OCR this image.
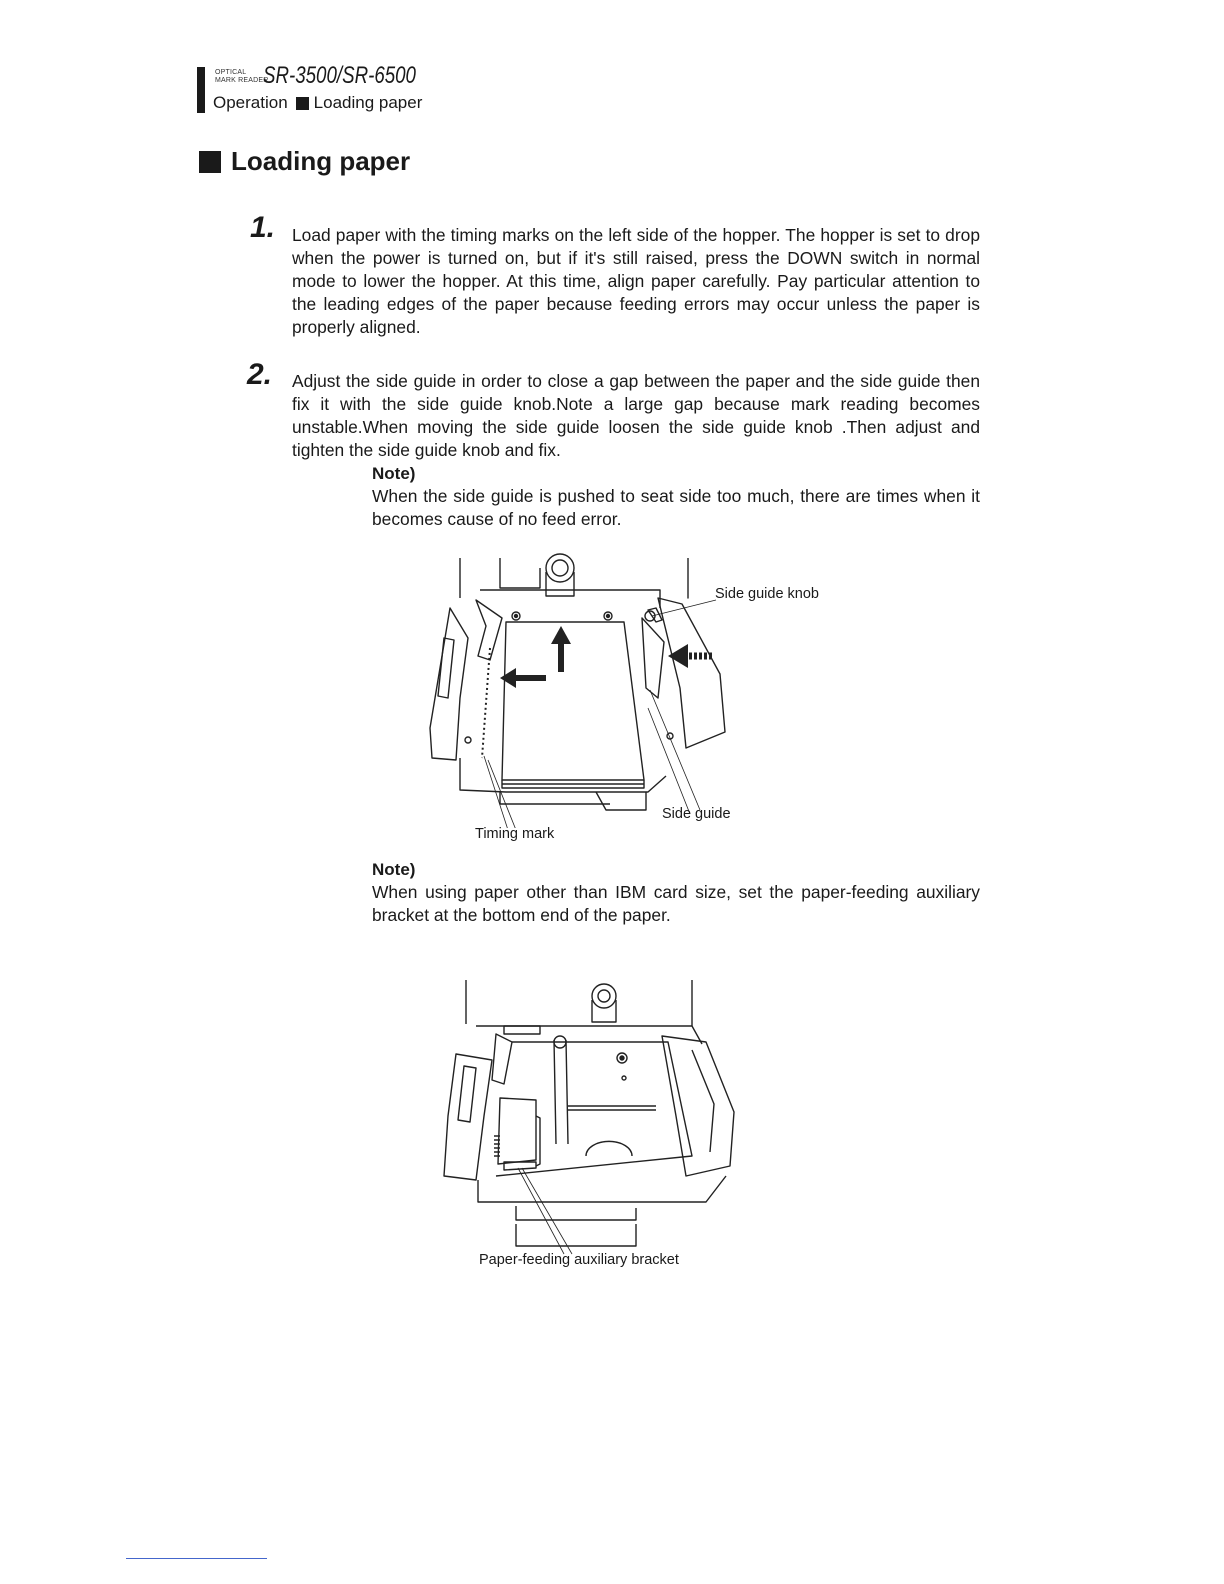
OPTICAL
MARK READER
SR-3500/SR-6500
Operation Loading paper
Loading paper
1. Load paper with the timing marks on the left side of the hopper. The hopper is set to drop when the power is turned on, but if it's still raised, press the DOWN switch in normal mode to lower the hopper. At this time, align paper carefully. Pay particular attention to the leading edges of the paper because feeding errors may occur unless the paper is properly aligned.
2. Adjust the side guide in order to close a gap between the paper and the side guide then fix it with the side guide knob.Note a large gap because mark reading becomes unstable.When moving the side guide loosen the side guide knob .Then adjust and tighten the side guide knob and fix.
Note)
When the side guide is pushed to seat side too much, there are times when it becomes cause of no feed error.
Side guide knob
Side guide
Timing mark
Note)
When using paper other than IBM card size, set the paper-feeding auxiliary bracket at the bottom end of the paper.
Paper-feeding auxiliary bracket
